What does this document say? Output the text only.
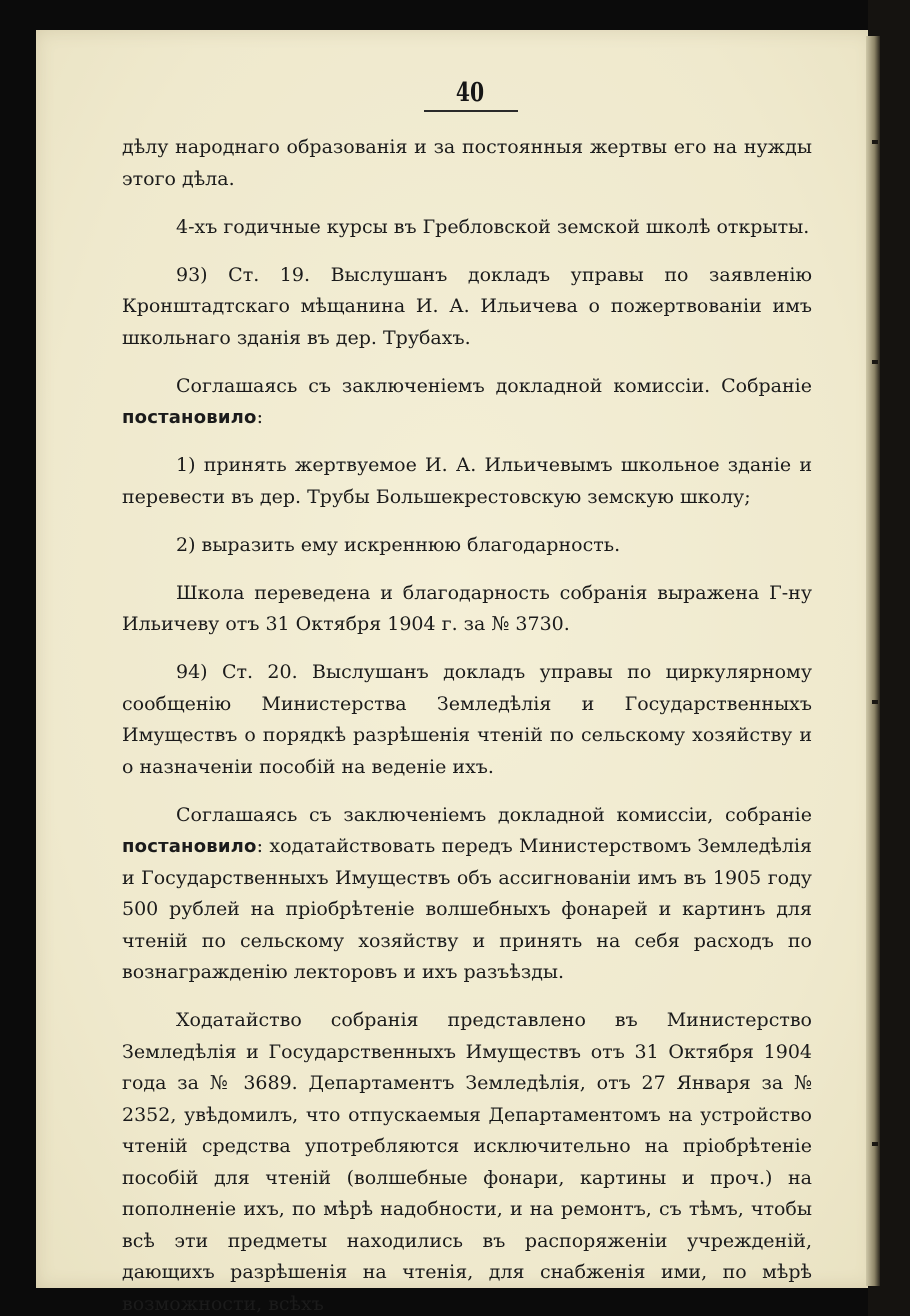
40

дѣлу народнаго образованія и за постоянныя жертвы его на нужды этого дѣла.

4-хъ годичные курсы въ Гребловской земской школѣ открыты.

93) Ст. 19. Выслушанъ докладъ управы по заявленію Кронштадтскаго мѣщанина И. А. Ильичева о пожертвованіи имъ школьнаго зданія въ дер. Трубахъ.

Соглашаясь съ заключеніемъ докладной комиссіи. Собраніе постановило:

1) принять жертвуемое И. А. Ильичевымъ школьное зданіе и перевести въ дер. Трубы Большекрестовскую земскую школу;

2) выразить ему искреннюю благодарность.

Школа переведена и благодарность собранія выражена Г-ну Ильичеву отъ 31 Октября 1904 г. за № 3730.

94) Ст. 20. Выслушанъ докладъ управы по циркулярному сообщенію Министерства Земледѣлія и Государственныхъ Имуществъ о порядкѣ разрѣшенія чтеній по сельскому хозяйству и о назначеніи пособій на веденіе ихъ.

Соглашаясь съ заключеніемъ докладной комиссіи, собраніе постановило: ходатайствовать передъ Министерствомъ Земледѣлія и Государственныхъ Имуществъ объ ассигнованіи имъ въ 1905 году 500 рублей на пріобрѣтеніе волшебныхъ фонарей и картинъ для чтеній по сельскому хозяйству и принять на себя расходъ по вознагражденію лекторовъ и ихъ разъѣзды.

Ходатайство собранія представлено въ Министерство Земледѣлія и Государственныхъ Имуществъ отъ 31 Октября 1904 года за № 3689. Департаментъ Земледѣлія, отъ 27 Января за № 2352, увѣдомилъ, что отпускаемыя Департаментомъ на устройство чтеній средства употребляются исключительно на пріобрѣтеніе пособій для чтеній (волшебные фонари, картины и проч.) на пополненіе ихъ, по мѣрѣ надобности, и на ремонтъ, съ тѣмъ, чтобы всѣ эти предметы находились въ распоряженіи учрежденій, дающихъ разрѣшенія на чтенія, для снабженія ими, по мѣрѣ возможности, всѣхъ
